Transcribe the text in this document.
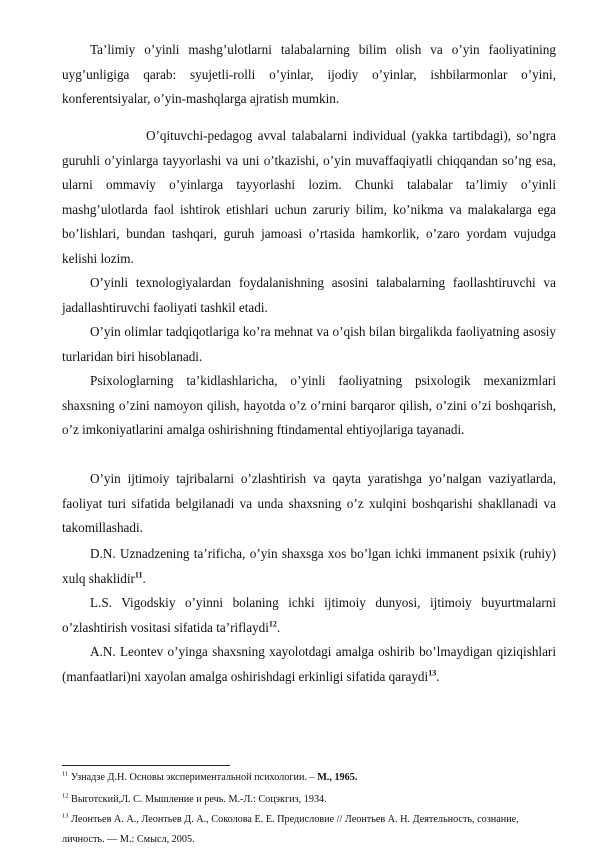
Ta’limiy o’yinli mashg’ulotlarni talabalarning bilim olish va o’yin faoliyatining uyg’unligiga qarab: syujetli-rolli o’yinlar, ijodiy o’yinlar, ishbilarmonlar o’yini, konferentsiyalar, o’yin-mashqlarga ajratish mumkin.

O’qituvchi-pedagog avval talabalarni individual (yakka tartibdagi), so’ngra guruhli o’yinlarga tayyorlashi va uni o’tkazishi, o’yin muvaffaqiyatli chiqqandan so’ng esa, ularni ommaviy o’yinlarga tayyorlashi lozim. Chunki talabalar ta’limiy o’yinli mashg’ulotlarda faol ishtirok etishlari uchun zaruriy bilim, ko’nikma va malakalarga ega bo’lishlari, bundan tashqari, guruh jamoasi o’rtasida hamkorlik, o’zaro yordam vujudga kelishi lozim.

O’yinli texnologiyalardan foydalanishning asosini talabalarning faollashtiruvchi va jadallashtiruvchi faoliyati tashkil etadi.

O’yin olimlar tadqiqotlariga ko’ra mehnat va o’qish bilan birgalikda faoliyatning asosiy turlaridan biri hisoblanadi.

Psixologlarning ta’kidlashlaricha, o’yinli faoliyatning psixologik mexanizmlari shaxsning o’zini namoyon qilish, hayotda o’z o’rnini barqaror qilish, o’zini o’zi boshqarish, o’z imkoniyatlarini amalga oshirishning ftindamental ehtiyojlariga tayanadi.

O’yin ijtimoiy tajribalarni o’zlashtirish va qayta yaratishga yo’nalgan vaziyatlarda, faoliyat turi sifatida belgilanadi va unda shaxsning o’z xulqini boshqarishi shakllanadi va takomillashadi.

D.N. Uznadzening ta’rificha, o’yin shaxsga xos bo’lgan ichki immanent psixik (ruhiy) xulq shaklidir$^{11}$.

L.S. Vigodskiy o’yinni bolaning ichki ijtimoiy dunyosi, ijtimoiy buyurtmalarni o’zlashtirish vositasi sifatida ta’riflaydi$^{12}$.

A.N. Leontev o’yinga shaxsning xayolotdagi amalga oshirib bo’lmaydigan qiziqishlari (manfaatlari)ni xayolan amalga oshirishdagi erkinligi sifatida qaraydi$^{13}$.

$^{11}$ Узнадзе Д.Н. Основы экспериментальной психологии. – М., 1965.

$^{12}$ Выготский,Л. С. Мышление и речь. М.-Л.: Соцэкгиз, 1934.

$^{13}$ Леонтьев А. А., Леонтьев Д. А., Соколова Е. Е. Предисловие // Леонтьев А. Н. Деятельность, сознание, личность. — М.: Смысл, 2005.
